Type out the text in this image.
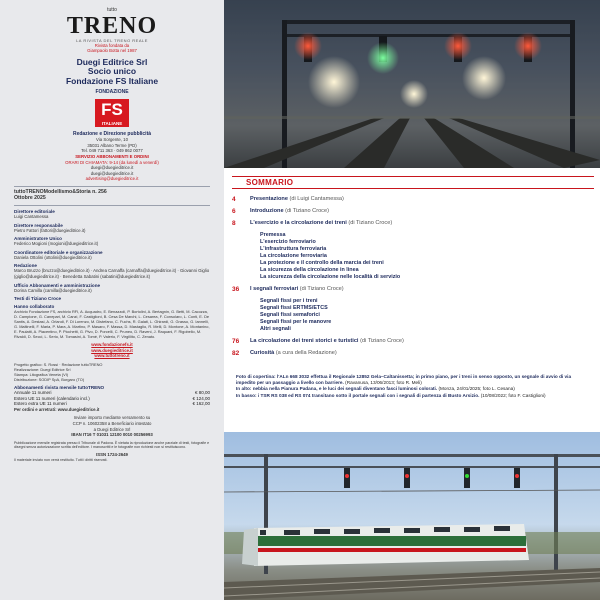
tutto
TRENO
LA RIVISTA DEL TRENO REALE
Rivista fondata da
Giampaolo Botta nel 1987
Duegi Editrice Srl
Socio unico
Fondazione FS Italiane
FONDAZIONE
FS
ITALIANE
Redazione e Direzione pubblicità
Via Sorgente, 10
35031 Albano Terme (PD)
Tel. 049 711 363 · 049 862 0077
SERVIZIO ABBONAMENTI E ORDINI
ORARI DI CHIAMATA: 9-14 (da lunedì a venerdì)
duegi@duegieditrice.it
duegi@duegieditrice.it
advertising@duegieditrice.it
tuttoTRENOModellismo&Storia n. 256
Ottobre 2025
Direttore editoriale
Luigi Cantamessa
Direttore responsabile
Pietro Fattori (fattori@duegieditrice.it)
Amministratore Unico
Federico Mogioni (mogioni@duegieditrice.it)
Coordinatore editoriale e organizzazione
Daniela Ottolini (ottolini@duegieditrice.it)
Redazione
Marco Bruzzo (bruzzo@duegieditrice.it) · Andrea Carnaffa (carnaffa@duegieditrice.it) · Giovanni Giglio (giglio@duegieditrice.it) · Benedetta Sabatini (sabatini@duegieditrice.it)
Ufficio Abbonamenti e amministrazione
Dorina Camilla (camilla@duegieditrice.it)
Testi di Tiziano Croce
Hanno collaborato
Archivio Fondazione FS, archivio RFI, A. Acquadro, E. Benazzoli, P. Bortolini, A. Bertagnin, G. Betti, M. Cacozza, D. Campione, G. Canepari, M. Canzi, F. Castiglioni, B. Cesa De Marchi, L. Cesarea, F. Consolaro, L. Conti, E. De Santis, A. Destasi, A. Orlandi, F. Di Lorenzo, M. Distefano, C. Fuchs, R. Galati, L. Ghirardi, G. Grasso, G. Iannelli, G. Maltinelli, F. Maria, P. Mara, A. Martino, P. Masaro, F. Massa, D. Mastaglio, R. Melli, D. Montone, A. Montanino, E. Paulatti, A. Piacentino, P. Picchetti, G. Pivo, D. Porcelli, C. Pruneo, D. Raveni, J. Raquani, F. Rigobello, M. Rivaldi, D. Secci, L. Serio, M. Tomasini, A. Tomé, P. Valerio, F. Virgillito, C. Zenato.
www.fondazionefs.it
www.duegieditrice.it
www.tuttotreno.it
Progetto grafico: S. Rossi · Redazione tuttoTRENO
Realizzazione: Duegi Editrice Srl
Stampa: Litografica Veneta (VI)
Distribuzione: SODIP SpA, Borgaro (TO)
Abbonamenti rivista mensile tuttoTRENO
Annuale 11 numeri	€ 80,00
Estero UE 11 numeri (calendario incl.)	€ 124,00
Estero extra UE 11 numeri	€ 162,00
Per ordini e arretrati: www.duegieditrice.it
Inviare importo mediante versamento su
CCP n. 10602358 a Beneficiario intestato
a Duegi Editrice Srl
IBAN IT16 T 01031 12100 0010 00256993
Pubblicazione mensile registrata presso il Tribunale di Padova. È vietata la riproduzione anche parziale di testi, fotografie e disegni senza autorizzazione scritta dell'editore. I manoscritti e le fotografie non richiesti non si restituiscono.
ISSN 1724-2649
Il materiale inviato non verrà restituito. Tutti i diritti riservati.
SOMMARIO
4	Presentazione (di Luigi Cantamessa)
6	Introduzione (di Tiziano Croce)
8	L'esercizio e la circolazione dei treni (di Tiziano Croce)
Premessa
L'esercizio ferroviario
L'infrastruttura ferroviaria
La circolazione ferroviaria
La protezione e il controllo della marcia dei treni
La sicurezza della circolazione in linea
La sicurezza della circolazione nelle località di servizio
36	I segnali ferroviari (di Tiziano Croce)
Segnali fissi per i treni
Segnali fissi ERTMS/ETCS
Segnali fissi semaforici
Segnali fissi per le manovre
Altri segnali
76	La circolazione dei treni storici e turistici (di Tiziano Croce)
82	Curiosità (a cura della Redazione)
Foto di copertina: l'ALn 668 3032 effettua il Regionale 12852 Gela–Caltanissetta; in primo piano, per i treni in senso opposto, un segnale di avvio di via impedito per un passaggio a livello con barriere. (Ravanusa, 13/06/2013; foto R. Meli)
In alto: nebbia nella Pianura Padana, e le luci dei segnali diventano fasci luminosi colorati. (Monza, 24/01/2025; foto L. Cesana)
In basso: i TSR RS 038 ed RS 074 transitano sotto il portale segnali con i segnali di partenza di Busto Arsizio. (10/08/2022; foto F. Castiglioni)
